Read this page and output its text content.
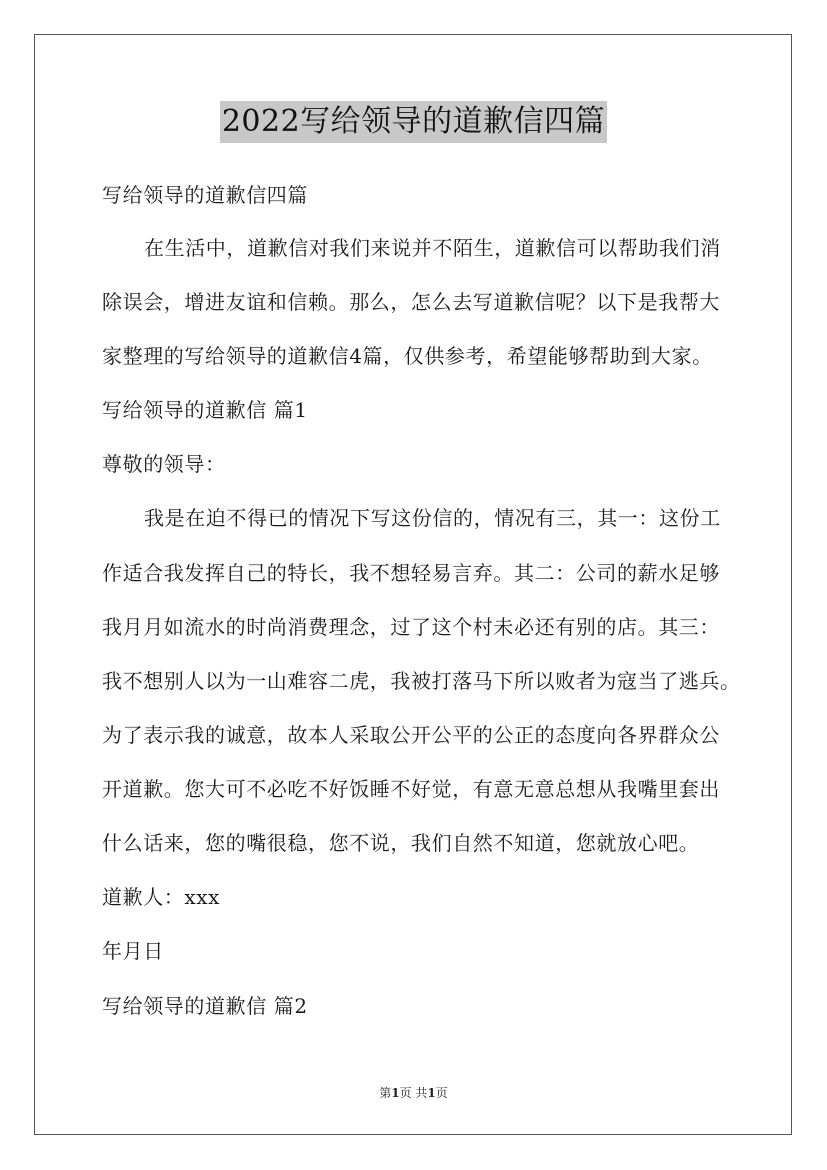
2022写给领导的道歉信四篇
写给领导的道歉信四篇
在生活中，道歉信对我们来说并不陌生，道歉信可以帮助我们消
除误会，增进友谊和信赖。那么，怎么去写道歉信呢？以下是我帮大
家整理的写给领导的道歉信4篇，仅供参考，希望能够帮助到大家。
写给领导的道歉信 篇1
尊敬的领导：
我是在迫不得已的情况下写这份信的，情况有三，其一：这份工
作适合我发挥自己的特长，我不想轻易言弃。其二：公司的薪水足够
我月月如流水的时尚消费理念，过了这个村未必还有别的店。其三：
我不想别人以为一山难容二虎，我被打落马下所以败者为寇当了逃兵。
为了表示我的诚意，故本人采取公开公平的公正的态度向各界群众公
开道歉。您大可不必吃不好饭睡不好觉，有意无意总想从我嘴里套出
什么话来，您的嘴很稳，您不说，我们自然不知道，您就放心吧。
道歉人：xxx
年月日
写给领导的道歉信 篇2
第1页 共1页
